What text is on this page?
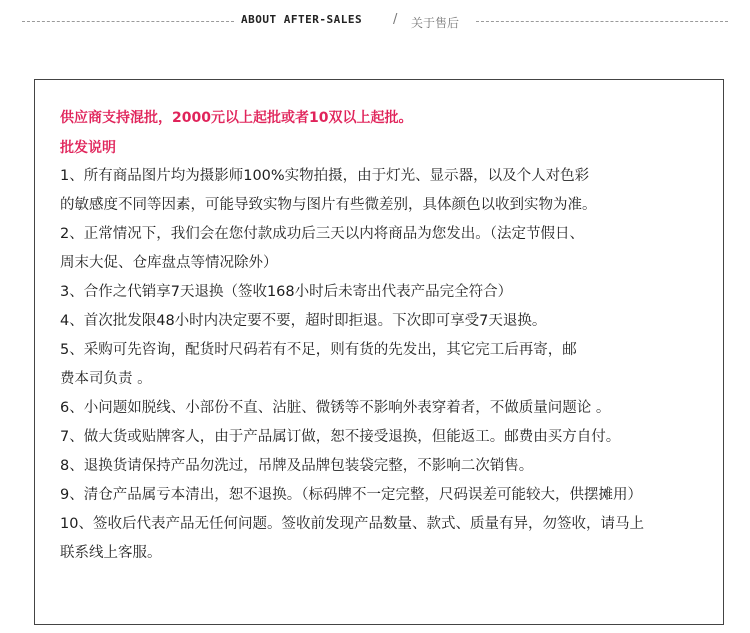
ABOUT AFTER-SALES / 关于售后
供应商支持混批，2000元以上起批或者10双以上起批。
批发说明
1、所有商品图片均为摄影师100%实物拍摄，由于灯光、显示器，以及个人对色彩
的敏感度不同等因素，可能导致实物与图片有些微差别，具体颜色以收到实物为准。
2、正常情况下，我们会在您付款成功后三天以内将商品为您发出。（法定节假日、
周末大促、仓库盘点等情况除外）
3、合作之代销享7天退换（签收168小时后未寄出代表产品完全符合）
4、首次批发限48小时内决定要不要，超时即拒退。下次即可享受7天退换。
5、采购可先咨询，配货时尺码若有不足，则有货的先发出，其它完工后再寄，邮
费本司负责 。
6、小问题如脱线、小部份不直、沾脏、微锈等不影响外表穿着者，不做质量问题论 。
7、做大货或贴牌客人，由于产品属订做，恕不接受退换，但能返工。邮费由买方自付。
8、退换货请保持产品勿洗过，吊牌及品牌包装袋完整，不影响二次销售。
9、清仓产品属亏本清出，恕不退换。（标码牌不一定完整，尺码误差可能较大，供摆摊用）
10、签收后代表产品无任何问题。签收前发现产品数量、款式、质量有异，勿签收，请马上
联系线上客服。
